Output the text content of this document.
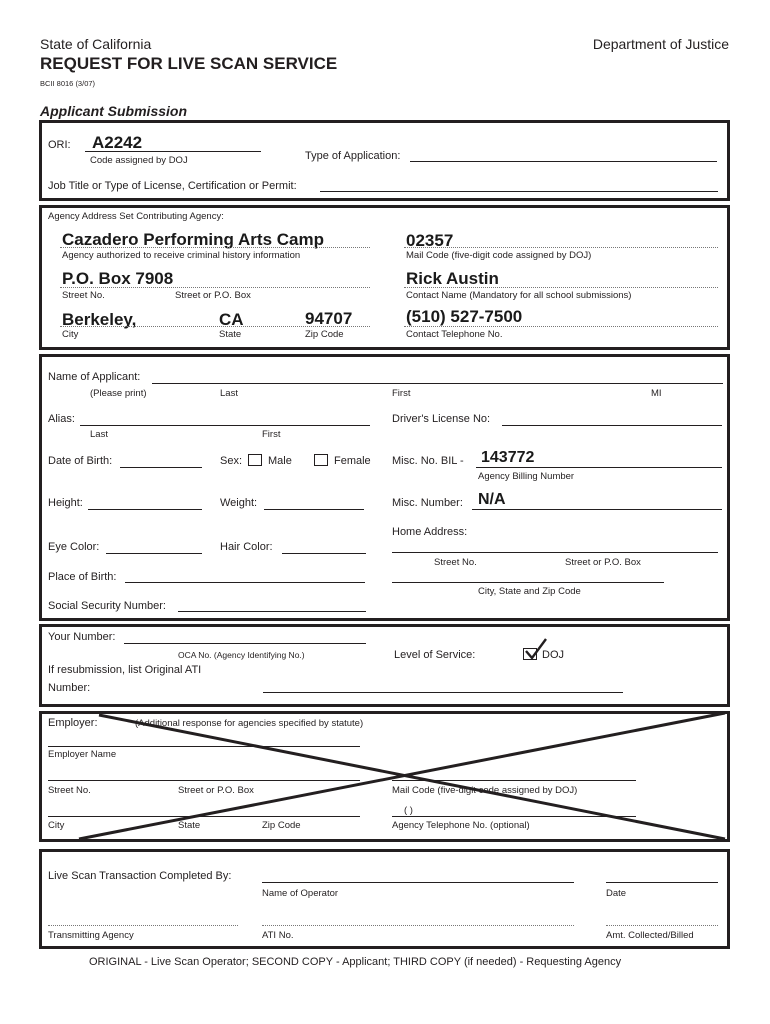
State of California	Department of Justice
REQUEST FOR LIVE SCAN SERVICE
BCII 8016 (3/07)
Applicant Submission
ORI: A2242
Code assigned by DOJ	Type of Application:
Job Title or Type of License, Certification or Permit:
Agency Address Set Contributing Agency:
Cazadero Performing Arts Camp
Agency authorized to receive criminal history information
02357
Mail Code (five-digit code assigned by DOJ)
P.O. Box 7908
Street No.	Street or P.O. Box
Rick Austin
Contact Name (Mandatory for all school submissions)
Berkeley,	CA	94707
City	State	Zip Code
(510) 527-7500
Contact Telephone No.
Name of Applicant:
(Please print)	Last	First	MI
Alias:
Last	First
Driver's License No:
Date of Birth:	Sex: Male	Female Misc. No. BIL - 143772
Agency Billing Number
Height:	Weight:	Misc. Number: N/A
Home Address:
Eye Color:	Hair Color:
Street No.	Street or P.O. Box
Place of Birth:
City, State and Zip Code
Social Security Number:
Your Number:
OCA No. (Agency Identifying No.)	Level of Service:	DOJ
If resubmission, list Original ATI
Number:
Employer:	(Additional response for agencies specified by statute)
Employer Name
Street No.	Street or P.O. Box	Mail Code (five-digit code assigned by DOJ)
City	State	Zip Code
( )
Agency Telephone No. (optional)
Live Scan Transaction Completed By:
Name of Operator	Date
Transmitting Agency	ATI No.	Amt. Collected/Billed
ORIGINAL - Live Scan Operator; SECOND COPY - Applicant; THIRD COPY (if needed) - Requesting Agency
